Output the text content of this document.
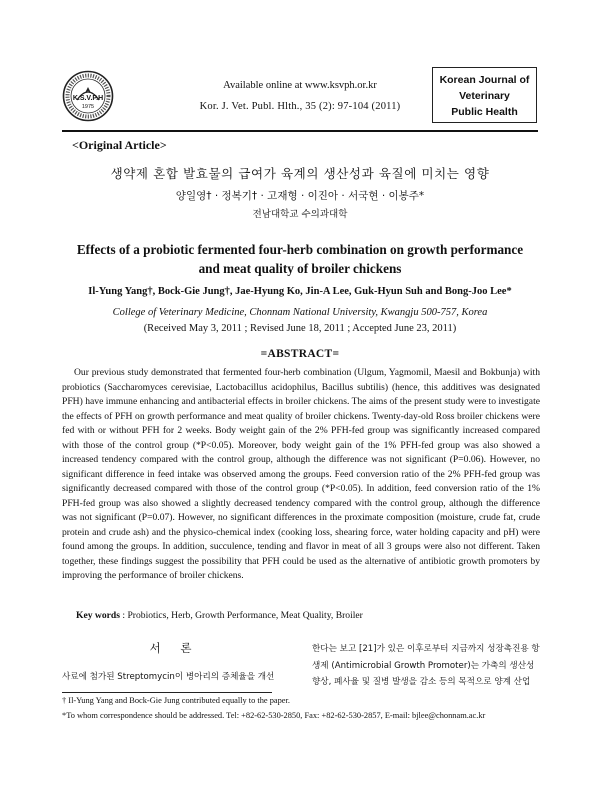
K.S.V.P.H
1975
Available online at www.ksvph.or.kr
Kor. J. Vet. Publ. Hlth., 35 (2): 97-104 (2011)
Korean Journal of
Veterinary
Public Health
<Original Article>
생약제 혼합 발효물의 급여가 육계의 생산성과 육질에 미치는 영향
양일영† · 정복기† · 고재형 · 이진아 · 서국현 · 이봉주*
전남대학교 수의과대학
Effects of a probiotic fermented four-herb combination on growth performance
and meat quality of broiler chickens
Il-Yung Yang†, Bock-Gie Jung†, Jae-Hyung Ko, Jin-A Lee, Guk-Hyun Suh and Bong-Joo Lee*
College of Veterinary Medicine, Chonnam National University, Kwangju 500-757, Korea
(Received May 3, 2011 ; Revised June 18, 2011 ; Accepted June 23, 2011)
=ABSTRACT=

Our previous study demonstrated that fermented four-herb combination (Ulgum, Yagmomil, Maesil and Bokbunja) with probiotics (Saccharomyces cerevisiae, Lactobacillus acidophilus, Bacillus subtilis) (hence, this additives was designated PFH) have immune enhancing and antibacterial effects in broiler chickens. The aims of the present study were to investigate the effects of PFH on growth performance and meat quality of broiler chickens. Twenty-day-old Ross broiler chickens were fed with or without PFH for 2 weeks. Body weight gain of the 2% PFH-fed group was significantly increased compared with those of the control group (*P<0.05). Moreover, body weight gain of the 1% PFH-fed group was also showed a increased tendency compared with the control group, although the difference was not significant (P=0.06). However, no significant difference in feed intake was observed among the groups. Feed conversion ratio of the 2% PFH-fed group was significantly decreased compared with those of the control group (*P<0.05). In addition, feed conversion ratio of the 1% PFH-fed group was also showed a slightly decreased tendency compared with the control group, although the difference was not significant (P=0.07). However, no significant differences in the proximate composition (moisture, crude fat, crude protein and crude ash) and the physico-chemical index (cooking loss, shearing force, water holding capacity and pH) were found among the groups. In addition, succulence, tending and flavor in meat of all 3 groups were also not different. Taken together, these findings suggest the possibility that PFH could be used as the alternative of antibiotic growth promoters by improving the performance of broiler chickens.

Key words : Probiotics, Herb, Growth Performance, Meat Quality, Broiler
서 론
사료에 첨가된 Streptomycin이 병아리의 증체율을 개선

한다는 보고 [21]가 있은 이후로부터 지금까지 성장촉진용 항생제 (Antimicrobial Growth Promoter)는 가축의 생산성 향상, 폐사율 및 질병 발생을 감소 등의 목적으로 양계 산업

† Il-Yung Yang and Bock-Gie Jung contributed equally to the paper.
*To whom correspondence should be addressed. Tel: +82-62-530-2850, Fax: +82-62-530-2857, E-mail: bjlee@chonnam.ac.kr
